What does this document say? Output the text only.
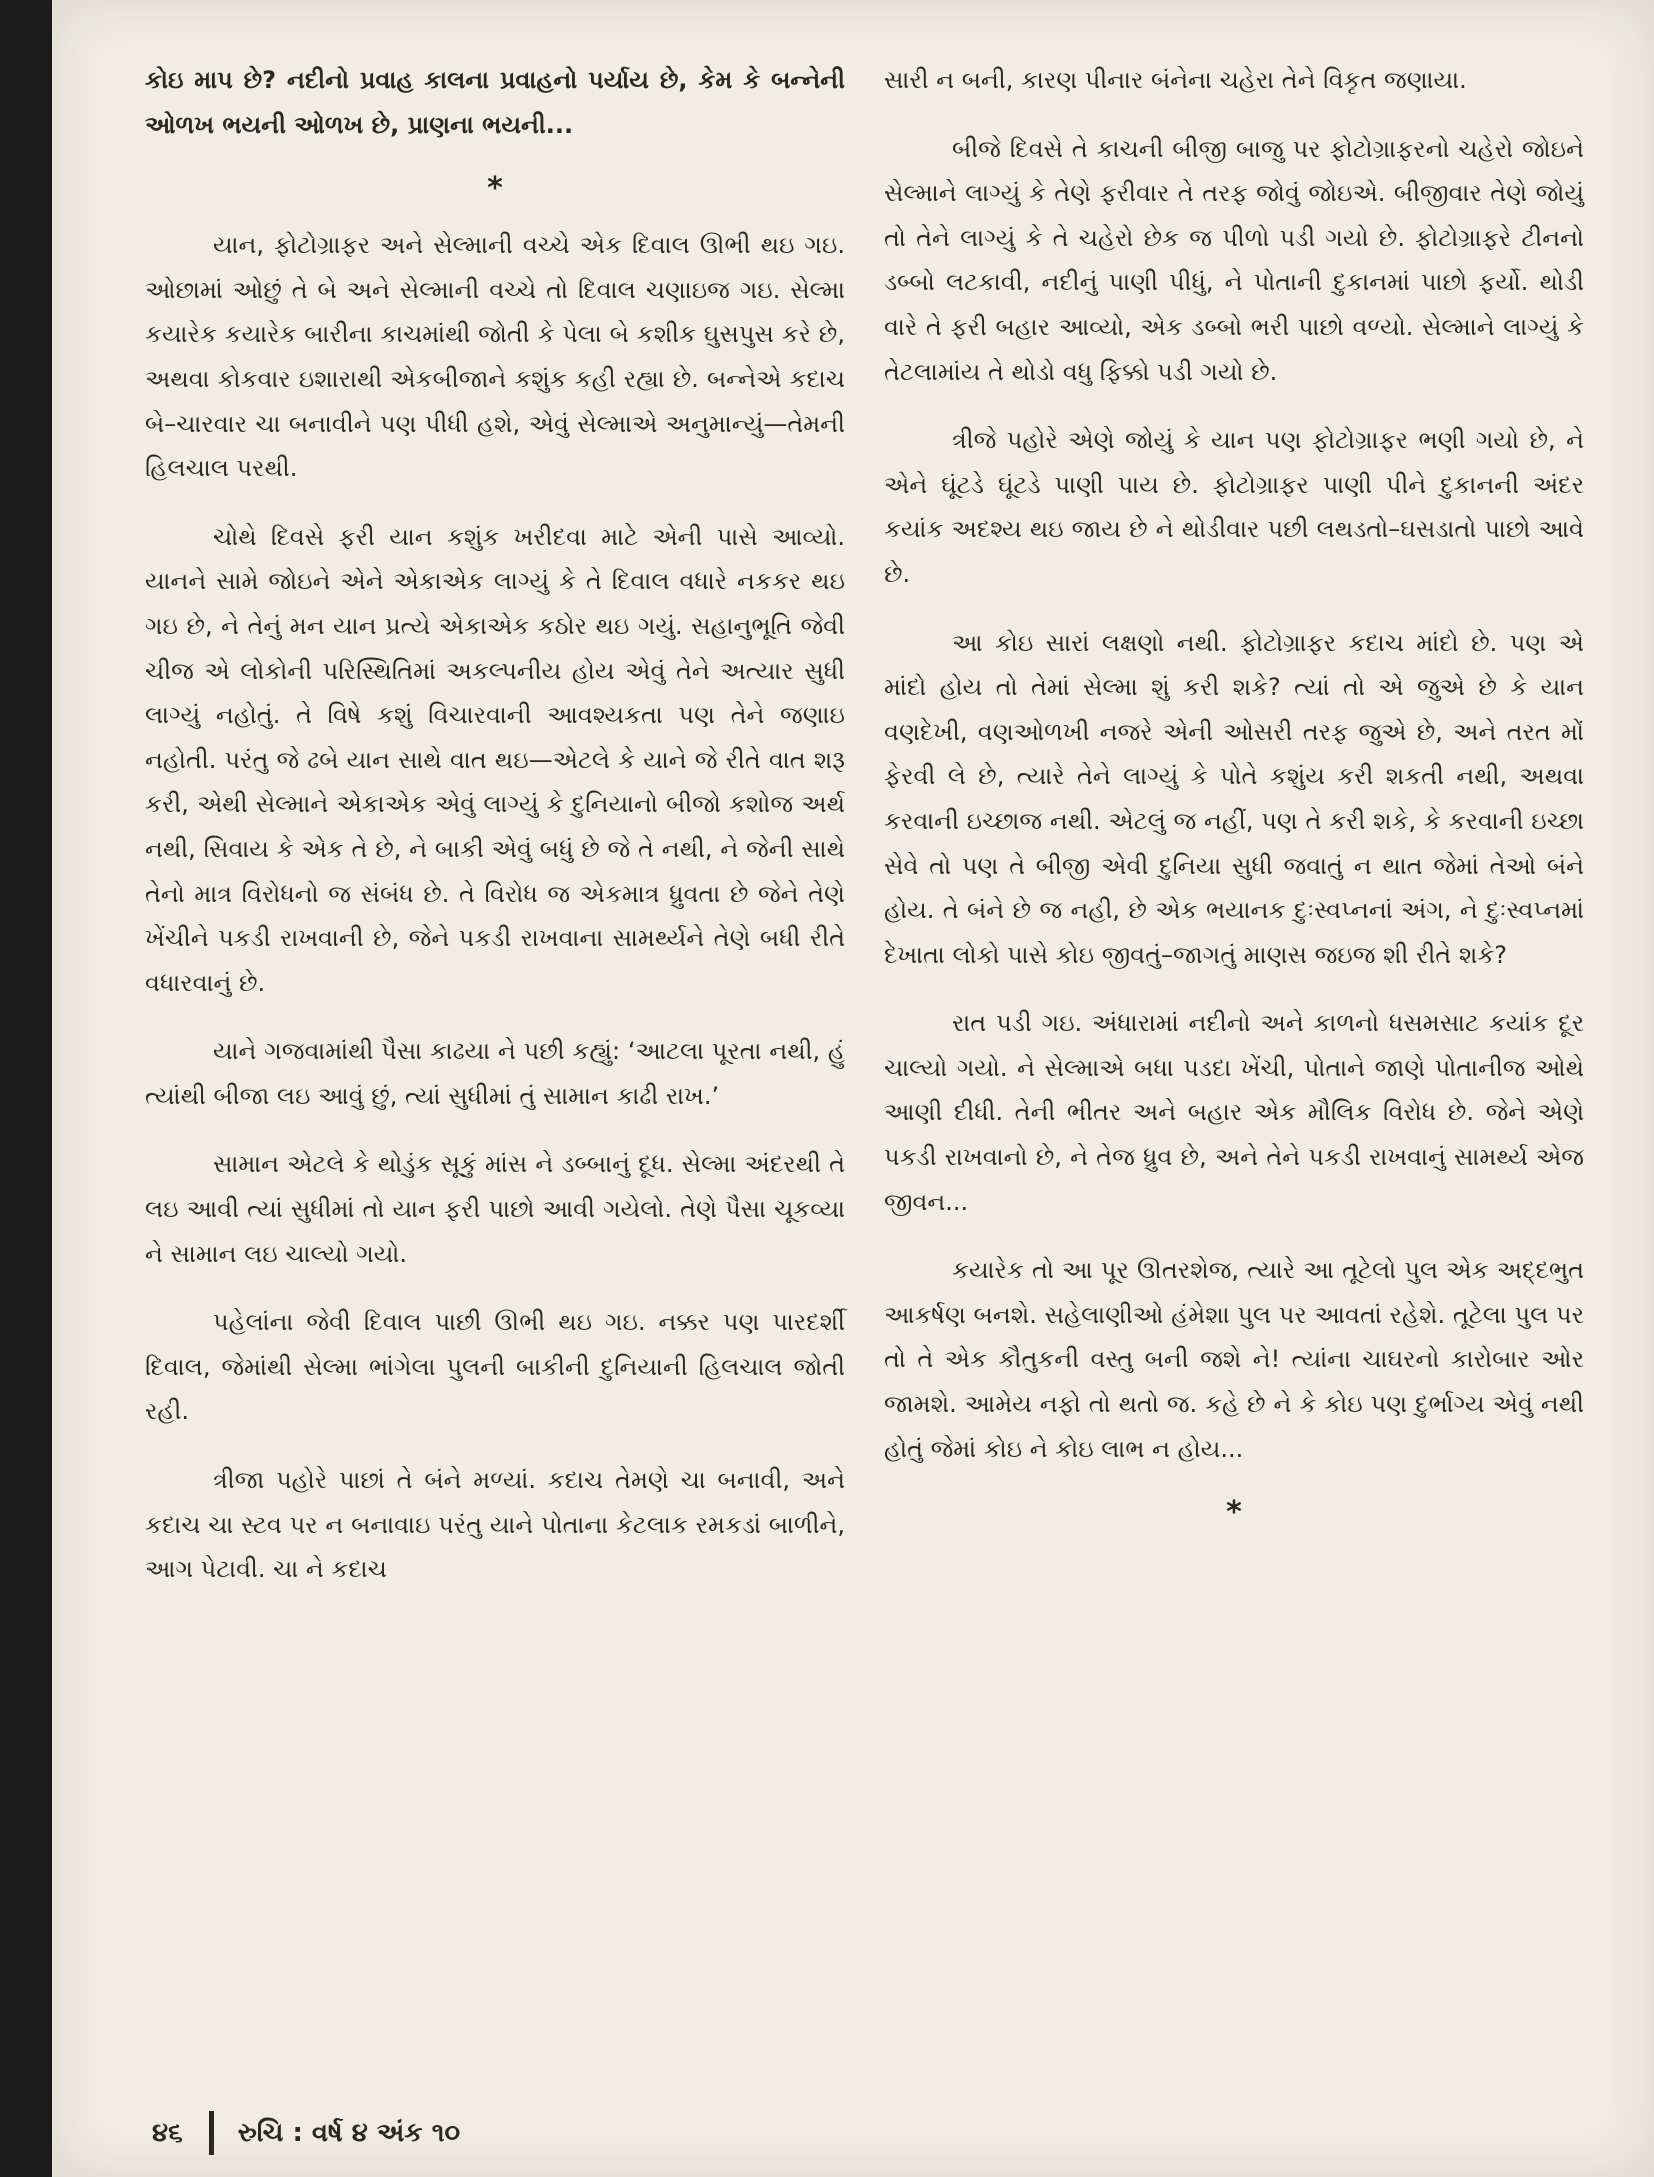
કોઇ માપ છે? નદીનો પ્રવાહ કાલના પ્રવાહનો પર્યાય છે, કેમ કે બન્નેની ઓળખ ભયની ઓળખ છે, પ્રાણના ભયની...

*

યાન, ફોટોગ્રાફર અને સેલ્માની વચ્ચે એક દિવાલ ઊભી થઇ ગઇ. ઓછામાં ઓછું તે બે અને સેલ્માની વચ્ચે તો દિવાલ ચણાઇજ ગઇ. સેલ્મા કયારેક કયારેક બારીના કાચમાંથી જોતી કે પેલા બે કશીક ઘુસપુસ કરે છે, અથવા કોકવાર ઇશારાથી એકબીજાને કશુંક કહી રહ્યા છે. બન્નેએ કદાચ બે–ચારવાર ચા બનાવીને પણ પીધી હશે, એવું સેલ્માએ અનુમાન્યું—તેમની હિલચાલ પરથી.

ચોથે દિવસે ફરી યાન કશુંક ખરીદવા માટે એની પાસે આવ્યો. યાનને સામે જોઇને એને એકાએક લાગ્યું કે તે દિવાલ વધારે નકકર થઇ ગઇ છે, ને તેનું મન યાન પ્રત્યે એકાએક કઠોર થઇ ગયું. સહાનુભૂતિ જેવી ચીજ એ લોકોની પરિસ્થિતિમાં અકલ્પનીય હોય એવું તેને અત્યાર સુધી લાગ્યું નહોતું. તે વિષે કશું વિચારવાની આવશ્યકતા પણ તેને જણાઇ નહોતી. પરંતુ જે ઢબે યાન સાથે વાત થઇ—એટલે કે યાને જે રીતે વાત શરૂ કરી, એથી સેલ્માને એકાએક એવું લાગ્યું કે દુનિયાનો બીજો કશોજ અર્થ નથી, સિવાય કે એક તે છે, ને બાકી એવું બધું છે જે તે નથી, ને જેની સાથે તેનો માત્ર વિરોધનો જ સંબંધ છે. તે વિરોધ જ એકમાત્ર ધ્રુવતા છે જેને તેણે ખેંચીને પકડી રાખવાની છે, જેને પકડી રાખવાના સામર્થ્યને તેણે બધી રીતે વધારવાનું છે.

યાને ગજવામાંથી પૈસા કાઢયા ને પછી કહ્યું: ‘આટલા પૂરતા નથી, હું ત્યાંથી બીજા લઇ આવું છું, ત્યાં સુધીમાં તું સામાન કાઢી રાખ.’

સામાન એટલે કે થોડુંક સૂકું માંસ ને ડબ્બાનું દૂધ. સેલ્મા અંદરથી તે લઇ આવી ત્યાં સુધીમાં તો યાન ફરી પાછો આવી ગયેલો. તેણે પૈસા ચૂકવ્યા ને સામાન લઇ ચાલ્યો ગયો.

પહેલાંના જેવી દિવાલ પાછી ઊભી થઇ ગઇ. નક્કર પણ પારદર્શી દિવાલ, જેમાંથી સેલ્મા ભાંગેલા પુલની બાકીની દુનિયાની હિલચાલ જોતી રહી.

ત્રીજા પહોરે પાછાં તે બંને મળ્યાં. કદાચ તેમણે ચા બનાવી, અને કદાચ ચા સ્ટવ પર ન બનાવાઇ પરંતુ યાને પોતાના કેટલાક રમકડાં બાળીને, આગ પેટાવી. ચા ને કદાચ

સારી ન બની, કારણ પીનાર બંનેના ચહેરા તેને વિકૃત જણાયા.

બીજે દિવસે તે કાચની બીજી બાજુ પર ફોટોગ્રાફરનો ચહેરો જોઇને સેલ્માને લાગ્યું કે તેણે ફરીવાર તે તરફ જોવું જોઇએ. બીજીવાર તેણે જોયું તો તેને લાગ્યું કે તે ચહેરો છેક જ પીળો પડી ગયો છે. ફોટોગ્રાફરે ટીનનો ડબ્બો લટકાવી, નદીનું પાણી પીધું, ને પોતાની દુકાનમાં પાછો ફર્યો. થોડી વારે તે ફરી બહાર આવ્યો, એક ડબ્બો ભરી પાછો વળ્યો. સેલ્માને લાગ્યું કે તેટલામાંય તે થોડો વધુ ફિક્કો પડી ગયો છે.

ત્રીજે પહોરે એણે જોયું કે યાન પણ ફોટોગ્રાફર ભણી ગયો છે, ને એને ઘૂંટડે ઘૂંટડે પાણી પાય છે. ફોટોગ્રાફર પાણી પીને દુકાનની અંદર કયાંક અદશ્ય થઇ જાય છે ને થોડીવાર પછી લથડતો–ઘસડાતો પાછો આવે છે.

આ કોઇ સારાં લક્ષણો નથી. ફોટોગ્રાફર કદાચ માંદો છે. પણ એ માંદો હોય તો તેમાં સેલ્મા શું કરી શકે? ત્યાં તો એ જુએ છે કે યાન વણદેખી, વણઓળખી નજરે એની ઓસરી તરફ જુએ છે, અને તરત મોં ફેરવી લે છે, ત્યારે તેને લાગ્યું કે પોતે કશુંય કરી શકતી નથી, અથવા કરવાની ઇચ્છાજ નથી. એટલું જ નહીં, પણ તે કરી શકે, કે કરવાની ઇચ્છા સેવે તો પણ તે બીજી એવી દુનિયા સુધી જવાતું ન થાત જેમાં તેઓ બંને હોય. તે બંને છે જ નહી, છે એક ભયાનક દુઃસ્વપ્નનાં અંગ, ને દુઃસ્વપ્નમાં દેખાતા લોકો પાસે કોઇ જીવતું–જાગતું માણસ જઇજ શી રીતે શકે?

રાત પડી ગઇ. અંધારામાં નદીનો અને કાળનો ધસમસાટ કયાંક દૂર ચાલ્યો ગયો. ને સેલ્માએ બધા પડદા ખેંચી, પોતાને જાણે પોતાનીજ ઓથે આણી દીધી. તેની ભીતર અને બહાર એક મૌલિક વિરોધ છે. જેને એણે પકડી રાખવાનો છે, ને તેજ ધ્રુવ છે, અને તેને પકડી રાખવાનું સામર્થ્ય એજ જીવન...

કયારેક તો આ પૂર ઊતરશેજ, ત્યારે આ તૂટેલો પુલ એક અદ્દભુત આકર્ષણ બનશે. સહેલાણીઓ હંમેશા પુલ પર આવતાં રહેશે. તૂટેલા પુલ પર તો તે એક કૌતુકની વસ્તુ બની જશે ને! ત્યાંના ચાઘરનો કારોબાર ઓર જામશે. આમેય નફો તો થતો જ. કહે છે ને કે કોઇ પણ દુર્ભાગ્ય એવું નથી હોતું જેમાં કોઇ ને કોઇ લાભ ન હોય...

*
૪૬ રુચિ : વર્ષ ૪ અંક ૧૦
